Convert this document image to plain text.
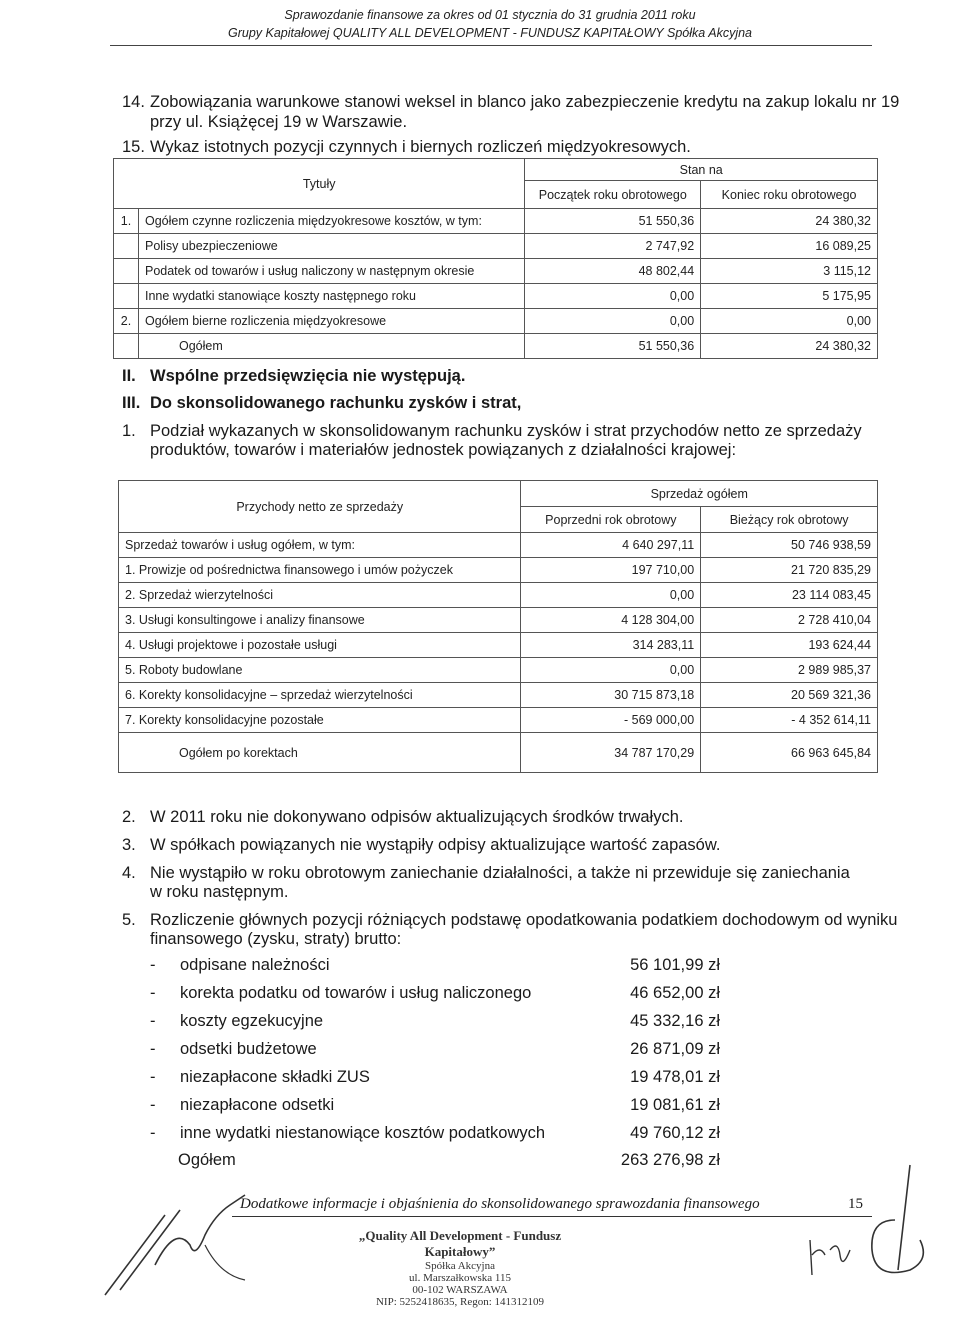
Sprawozdanie finansowe za okres od 01 stycznia do 31 grudnia 2011 roku
Grupy Kapitałowej QUALITY ALL DEVELOPMENT - FUNDUSZ KAPITAŁOWY Spółka Akcyjna
14. Zobowiązania warunkowe stanowi weksel in blanco jako zabezpieczenie kredytu na zakup lokalu nr 19
przy ul. Książęcej 19 w Warszawie.
15. Wykaz istotnych pozycji czynnych i biernych rozliczeń międzyokresowych.
Tytuły		Stan na	
		Początek roku obrotowego	Koniec roku obrotowego
1.	Ogółem czynne rozliczenia międzyokresowe kosztów, w tym:	51 550,36	24 380,32
	Polisy ubezpieczeniowe	2 747,92	16 089,25
	Podatek od towarów i usług naliczony w następnym okresie	48 802,44	3 115,12
	Inne wydatki stanowiące koszty następnego roku	0,00	5 175,95
2.	Ogółem bierne rozliczenia międzyokresowe	0,00	0,00
	Ogółem	51 550,36	24 380,32
II. Wspólne przedsięwzięcia nie występują.
III. Do skonsolidowanego rachunku zysków i strat,
1. Podział wykazanych w skonsolidowanym rachunku zysków i strat przychodów netto ze sprzedaży
produktów, towarów i materiałów jednostek powiązanych z działalności krajowej:
Przychody netto ze sprzedaży	Sprzedaż ogółem	
	Poprzedni rok obrotowy	Bieżący rok obrotowy
Sprzedaż towarów i usług ogółem, w tym:	4 640 297,11	50 746 938,59
1. Prowizje od pośrednictwa finansowego i umów pożyczek	197 710,00	21 720 835,29
2. Sprzedaż wierzytelności	0,00	23 114 083,45
3. Usługi konsultingowe i analizy finansowe	4 128 304,00	2 728 410,04
4. Usługi projektowe i pozostałe usługi	314 283,11	193 624,44
5. Roboty budowlane	0,00	2 989 985,37
6. Korekty konsolidacyjne – sprzedaż wierzytelności	30 715 873,18	20 569 321,36
7. Korekty konsolidacyjne pozostałe	- 569 000,00	- 4 352 614,11
Ogółem po korektach	34 787 170,29	66 963 645,84
2. W 2011 roku nie dokonywano odpisów aktualizujących środków trwałych.
3. W spółkach powiązanych nie wystąpiły odpisy aktualizujące wartość zapasów.
4. Nie wystąpiło w roku obrotowym zaniechanie działalności, a także ni przewiduje się zaniechania
w roku następnym.
5. Rozliczenie głównych pozycji różniących podstawę opodatkowania podatkiem dochodowym od wyniku
finansowego (zysku, straty) brutto:
- odpisane należności	56 101,99 zł
- korekta podatku od towarów i usług naliczonego	46 652,00 zł
- koszty egzekucyjne	45 332,16 zł
- odsetki budżetowe	26 871,09 zł
- niezapłacone składki ZUS	19 478,01 zł
- niezapłacone odsetki	19 081,61 zł
- inne wydatki niestanowiące kosztów podatkowych	49 760,12 zł
Ogółem	263 276,98 zł
Dodatkowe informacje i objaśnienia do skonsolidowanego sprawozdania finansowego	15
„Quality All Development - Fundusz Kapitałowy”
Spółka Akcyjna
ul. Marszałkowska 115
00-102 WARSZAWA
NIP: 5252418635, Regon: 141312109
